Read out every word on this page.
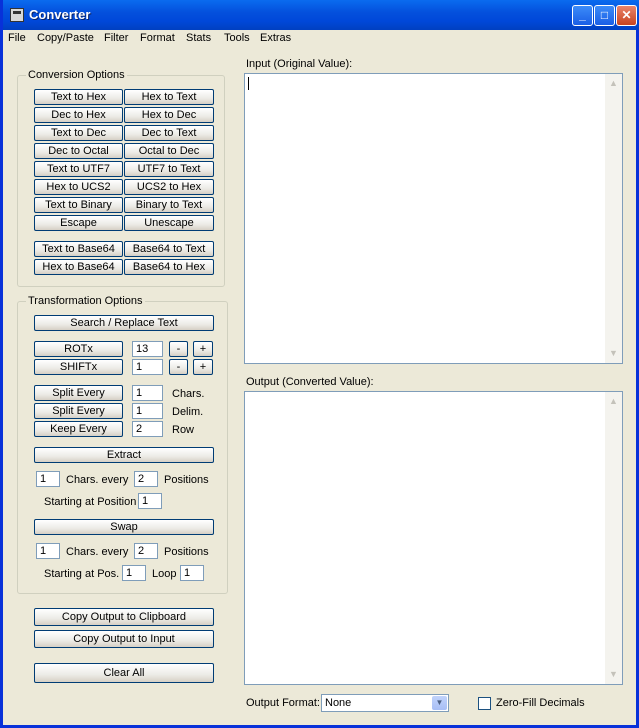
Converter	_	□	✕
File Copy/Paste Filter Format Stats Tools Extras
Conversion Options
Text to Hex	Hex to Text
Dec to Hex	Hex to Dec
Text to Dec	Dec to Text
Dec to Octal	Octal to Dec
Text to UTF7	UTF7 to Text
Hex to UCS2	UCS2 to Hex
Text to Binary	Binary to Text
Escape	Unescape
Text to Base64	Base64 to Text
Hex to Base64	Base64 to Hex
Transformation Options
Search / Replace Text
ROTx	13	-	+
SHIFTx	1	-	+
Split Every	1	Chars.
Split Every	1	Delim.
Keep Every	2	Row
Extract
1	Chars. every 2	Positions
Starting at Position 1
Swap
1	Chars. every 2	Positions
Starting at Pos. 1	Loop 1
Copy Output to Clipboard
Copy Output to Input
Clear All
Input (Original Value):
▲
▼
Output (Converted Value):
▲
▼
Output Format: None	▼	Zero-Fill Decimals
